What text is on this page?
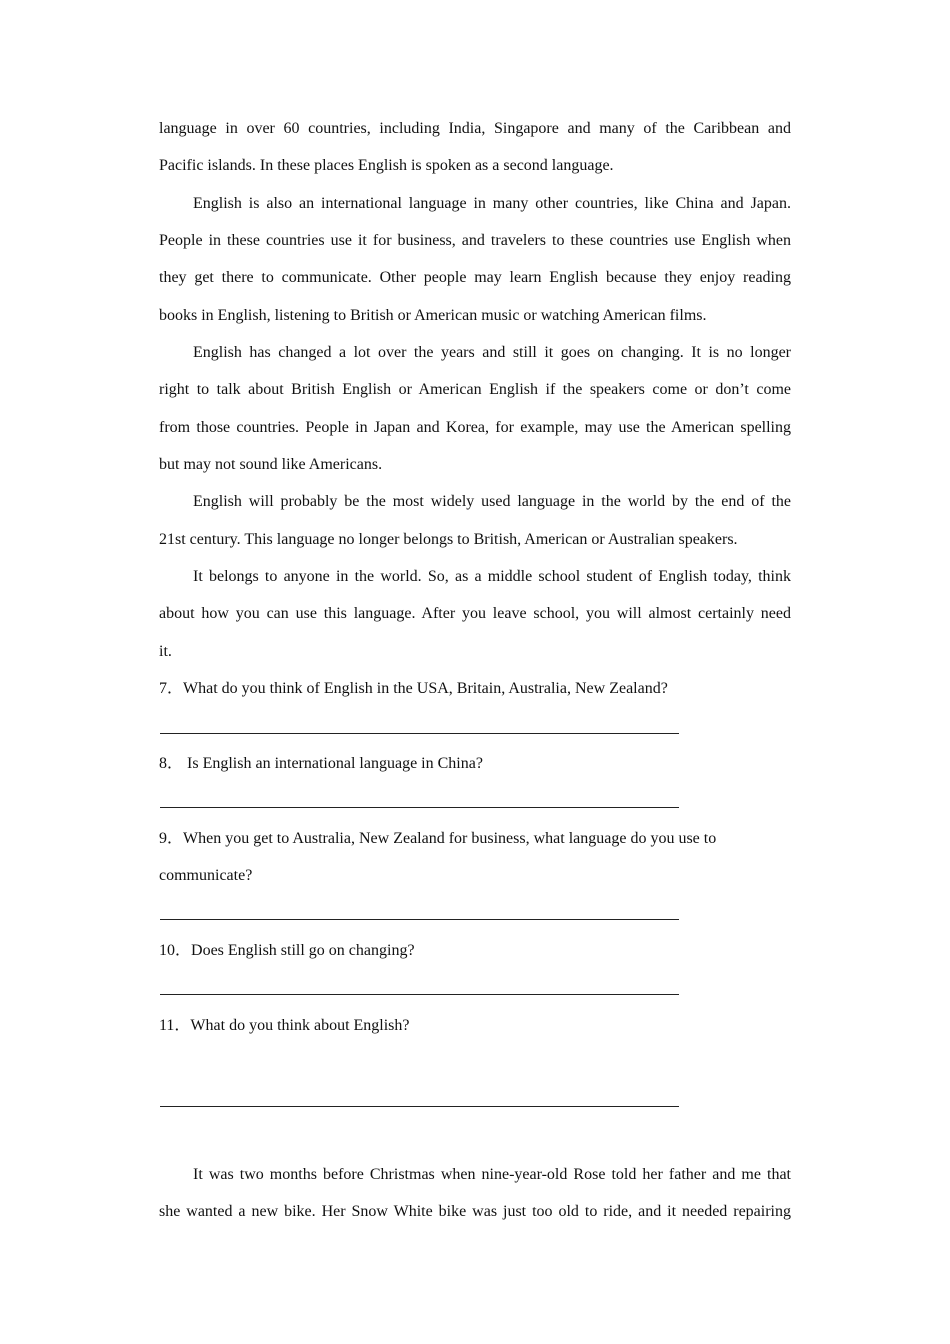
language in over 60 countries, including India, Singapore and many of the Caribbean and
Pacific islands. In these places English is spoken as a second language.
English is also an international language in many other countries, like China and Japan.
People in these countries use it for business, and travelers to these countries use English when
they get there to communicate. Other people may learn English because they enjoy reading
books in English, listening to British or American music or watching American films.
English has changed a lot over the years and still it goes on changing. It is no longer
right to talk about British English or American English if the speakers come or don’t come
from those countries. People in Japan and Korea, for example, may use the American spelling
but may not sound like Americans.
English will probably be the most widely used language in the world by the end of the
21st century. This language no longer belongs to British, American or Australian speakers.
It belongs to anyone in the world. So, as a middle school student of English today, think
about how you can use this language. After you leave school, you will almost certainly need
it.
7．What do you think of English in the USA, Britain, Australia, New Zealand?
8． Is English an international language in China?
9．When you get to Australia, New Zealand for business, what language do you use to
communicate?
10．Does English still go on changing?
11．What do you think about English?
It was two months before Christmas when nine-year-old Rose told her father and me that
she wanted a new bike. Her Snow White bike was just too old to ride, and it needed repairing
